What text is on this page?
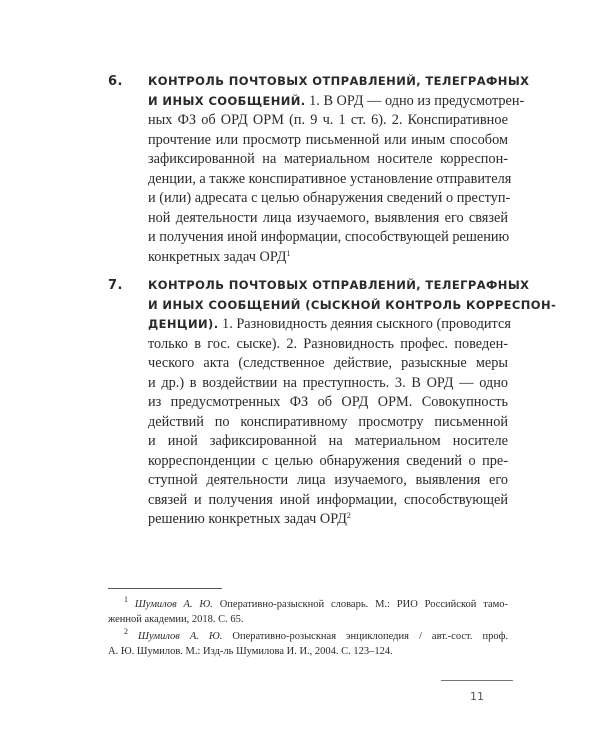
6. КОНТРОЛЬ ПОЧТОВЫХ ОТПРАВЛЕНИЙ, ТЕЛЕГРАФНЫХ
И ИНЫХ СООБЩЕНИЙ. 1. В ОРД — одно из предусмотрен-
ных ФЗ об ОРД ОРМ (п. 9 ч. 1 ст. 6). 2. Конспиративное
прочтение или просмотр письменной или иным способом
зафиксированной на материальном носителе корреспон-
денции, а также конспиративное установление отправителя
и (или) адресата с целью обнаружения сведений о преступ-
ной деятельности лица изучаемого, выявления его связей
и получения иной информации, способствующей решению
конкретных задач ОРД$^1$
7. КОНТРОЛЬ ПОЧТОВЫХ ОТПРАВЛЕНИЙ, ТЕЛЕГРАФНЫХ
И ИНЫХ СООБЩЕНИЙ (СЫСКНОЙ КОНТРОЛЬ КОРРЕСПОН-
ДЕНЦИИ). 1. Разновидность деяния сыскного (проводится
только в гос. сыске). 2. Разновидность профес. поведен-
ческого акта (следственное действие, разыскные меры
и др.) в воздействии на преступность. 3. В ОРД — одно
из предусмотренных ФЗ об ОРД ОРМ. Совокупность
действий по конспиративному просмотру письменной
и иной зафиксированной на материальном носителе
корреспонденции с целью обнаружения сведений о пре-
ступной деятельности лица изучаемого, выявления его
связей и получения иной информации, способствующей
решению конкретных задач ОРД$^2$
$^1$ Шумилов А. Ю. Оперативно-разыскной словарь. М.: РИО Российской тамо-
женной академии, 2018. С. 65.
$^2$ Шумилов А. Ю. Оперативно-розыскная энциклопедия / авт.-сост. проф.
А. Ю. Шумилов. М.: Изд-ль Шумилова И. И., 2004. С. 123–124.
11
